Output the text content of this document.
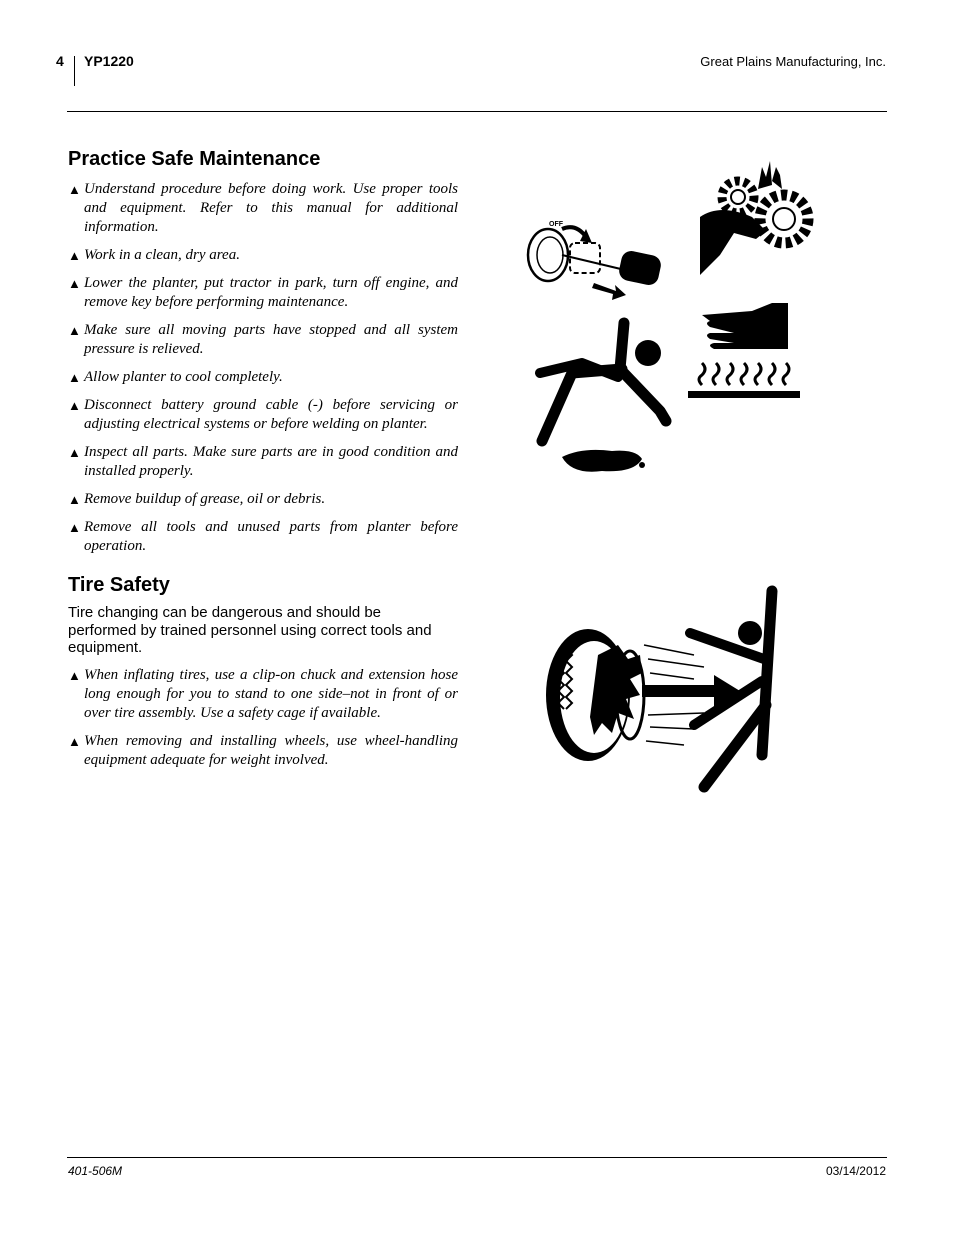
4 YP1220	Great Plains Manufacturing, Inc.
Practice Safe Maintenance
▲ Understand procedure before doing work. Use proper tools and equipment. Refer to this manual for additional information.
▲ Work in a clean, dry area.
▲ Lower the planter, put tractor in park, turn off engine, and remove key before performing maintenance.
▲ Make sure all moving parts have stopped and all system pressure is relieved.
▲ Allow planter to cool completely.
▲ Disconnect battery ground cable (-) before servicing or adjusting electrical systems or before welding on planter.
▲ Inspect all parts. Make sure parts are in good condition and installed properly.
▲ Remove buildup of grease, oil or debris.
▲ Remove all tools and unused parts from planter before operation.
Tire Safety

Tire changing can be dangerous and should be performed by trained personnel using correct tools and equipment.

▲ When inflating tires, use a clip-on chuck and extension hose long enough for you to stand to one side–not in front of or over tire assembly. Use a safety cage if available.
▲ When removing and installing wheels, use wheel-handling equipment adequate for weight involved.
OFF
401-506M	03/14/2012
